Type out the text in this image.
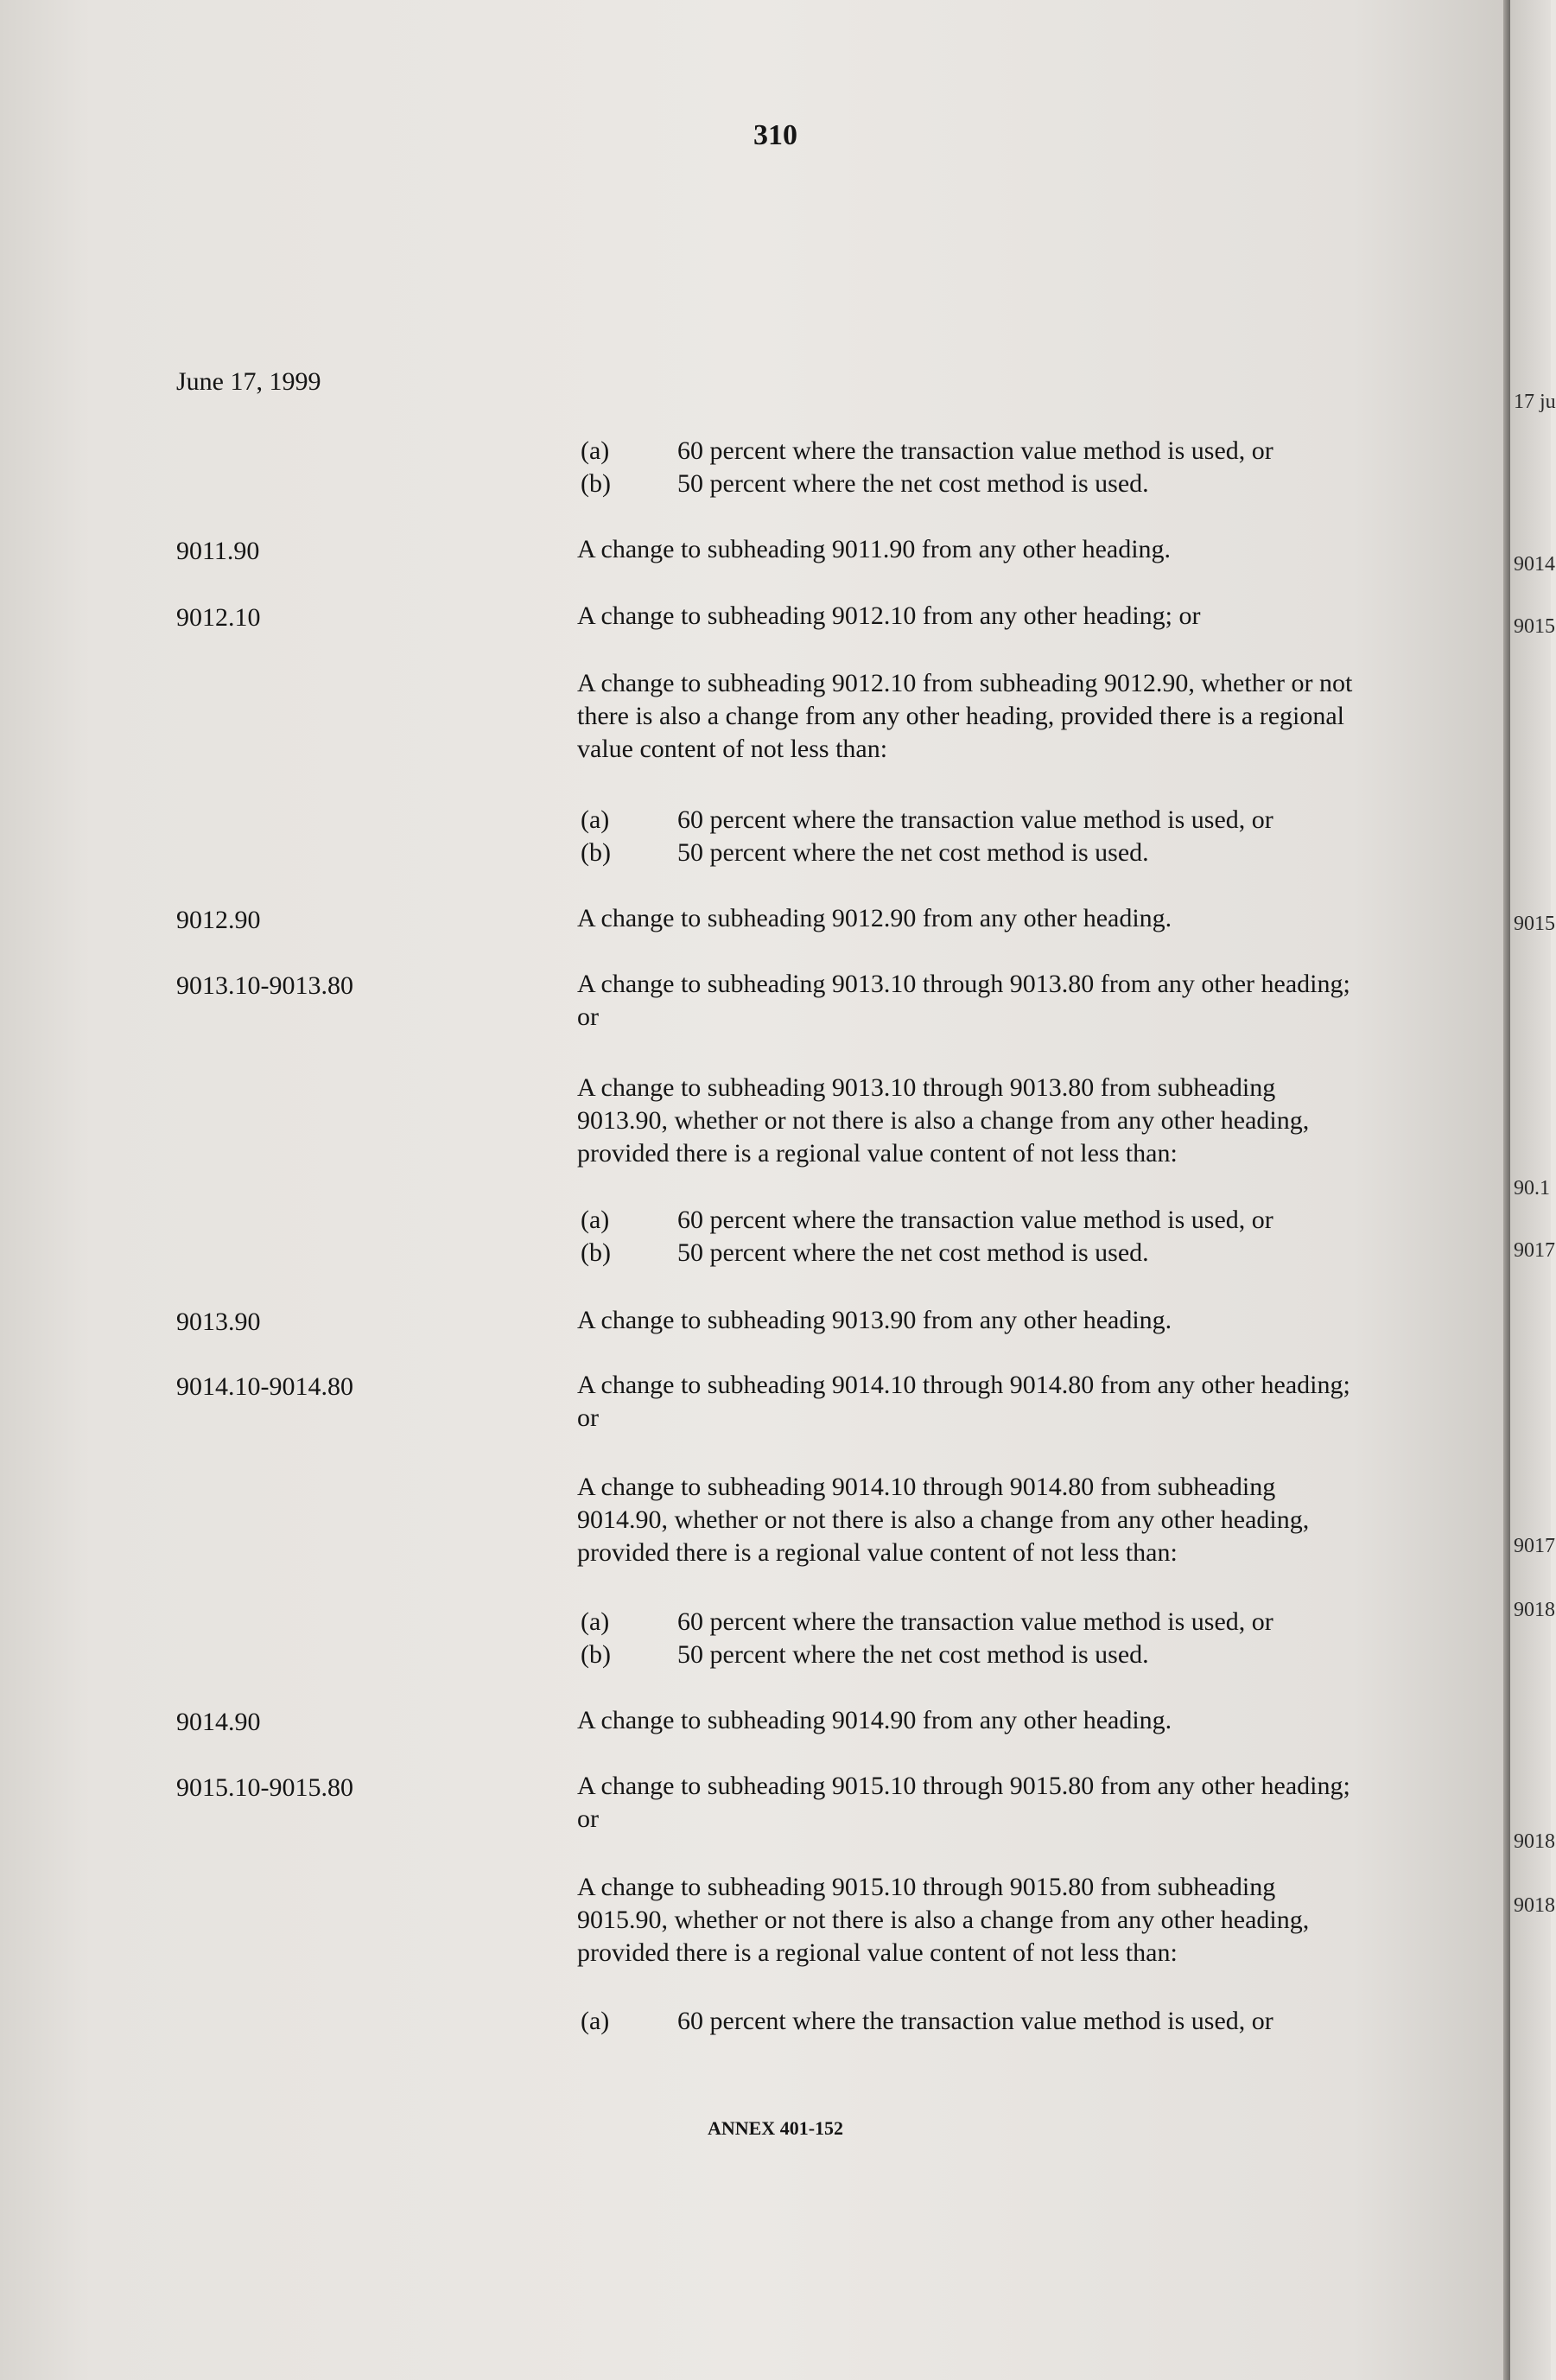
17 ju
9014
9015
9015
90.1
9017
9017
9018
9018
9018
310
June 17, 1999
(a)	60 percent where the transaction value method is used, or
(b)	50 percent where the net cost method is used.
9011.90	A change to subheading 9011.90 from any other heading.
9012.10	A change to subheading 9012.10 from any other heading; or
A change to subheading 9012.10 from subheading 9012.90, whether or not
there is also a change from any other heading, provided there is a regional
value content of not less than:
(a)	60 percent where the transaction value method is used, or
(b)	50 percent where the net cost method is used.
9012.90	A change to subheading 9012.90 from any other heading.
9013.10-9013.80	A change to subheading 9013.10 through 9013.80 from any other heading;
or
A change to subheading 9013.10 through 9013.80 from subheading
9013.90, whether or not there is also a change from any other heading,
provided there is a regional value content of not less than:
(a)	60 percent where the transaction value method is used, or
(b)	50 percent where the net cost method is used.
9013.90	A change to subheading 9013.90 from any other heading.
9014.10-9014.80	A change to subheading 9014.10 through 9014.80 from any other heading;
or
A change to subheading 9014.10 through 9014.80 from subheading
9014.90, whether or not there is also a change from any other heading,
provided there is a regional value content of not less than:
(a)	60 percent where the transaction value method is used, or
(b)	50 percent where the net cost method is used.
9014.90	A change to subheading 9014.90 from any other heading.
9015.10-9015.80	A change to subheading 9015.10 through 9015.80 from any other heading;
or
A change to subheading 9015.10 through 9015.80 from subheading
9015.90, whether or not there is also a change from any other heading,
provided there is a regional value content of not less than:
(a)	60 percent where the transaction value method is used, or
ANNEX 401-152
